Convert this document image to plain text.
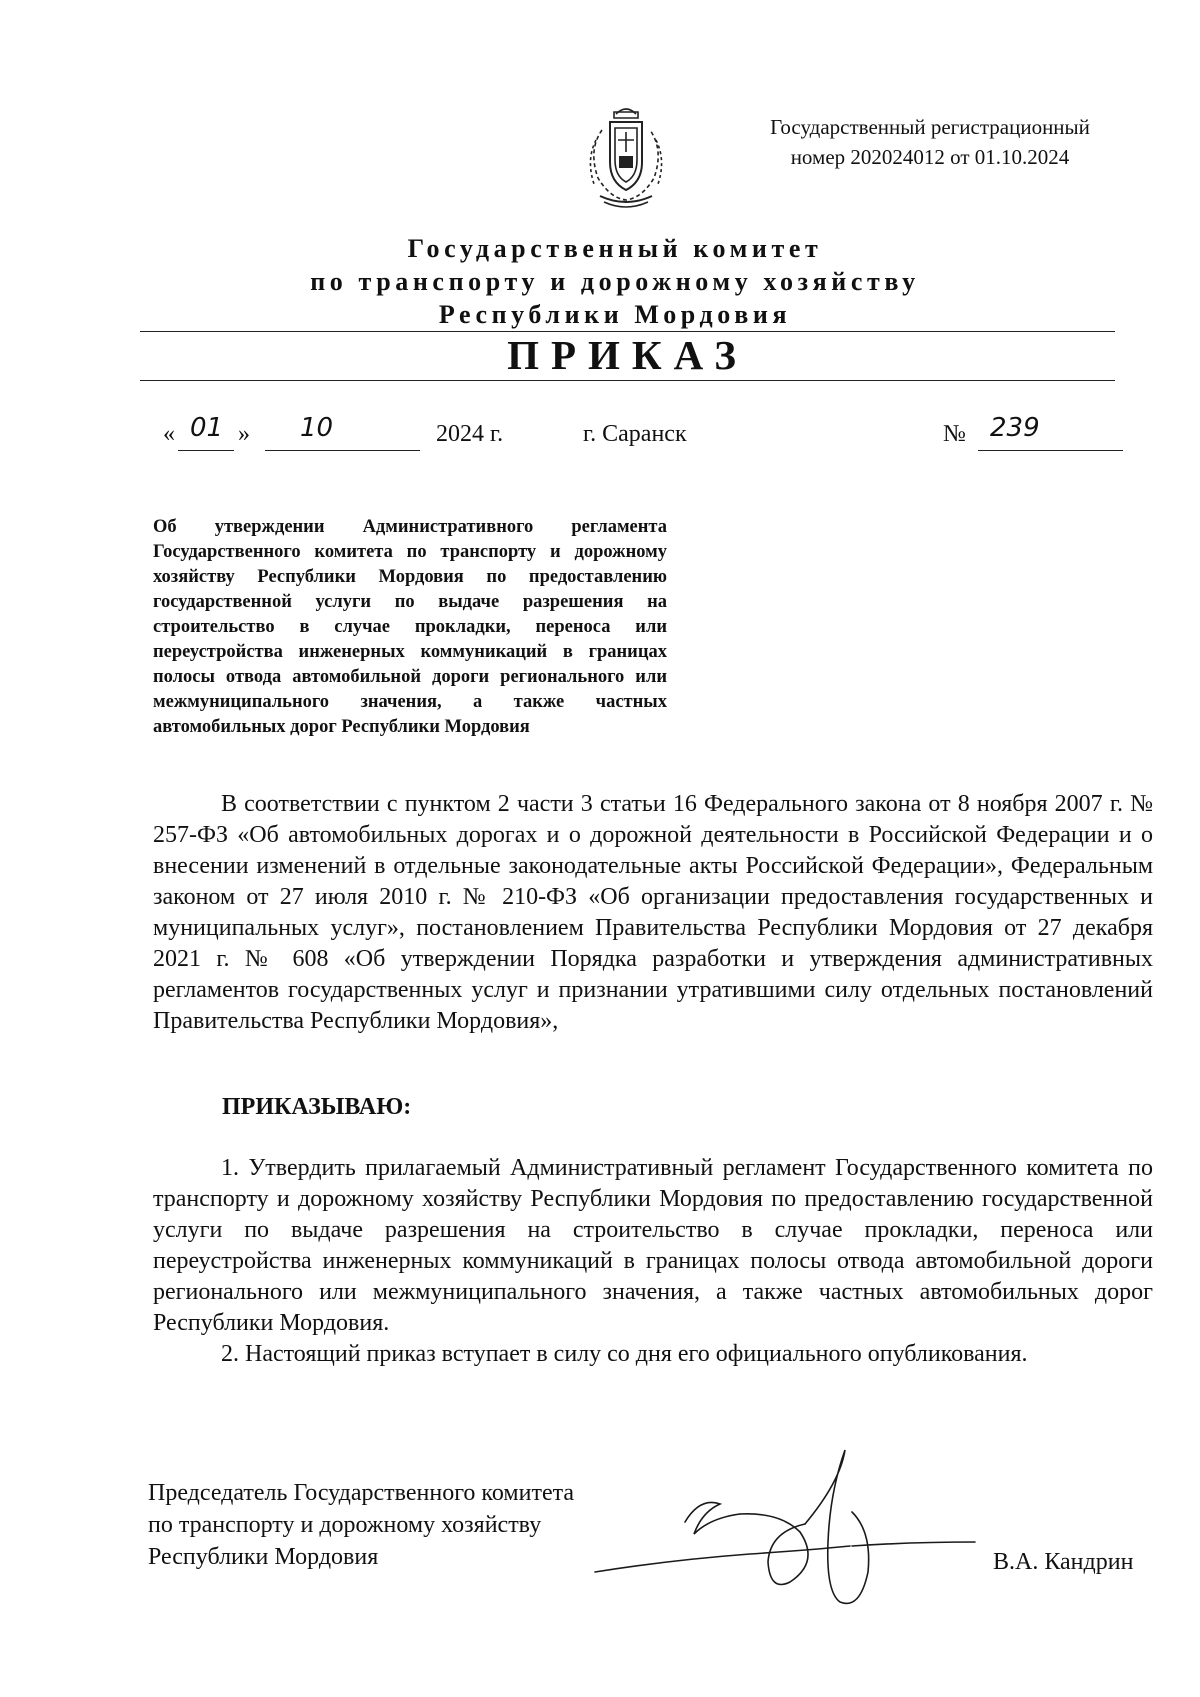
Государственный регистрационный
номер 202024012 от 01.10.2024
Государственный комитет
по транспорту и дорожному хозяйству
Республики Мордовия
ПРИКАЗ
« 01 » 10	2024 г.	г. Саранск	№ 239
Об утверждении Административного регламента Государственного комитета по транспорту и дорожному хозяйству Республики Мордовия по предоставлению государственной услуги по выдаче разрешения на строительство в случае прокладки, переноса или переустройства инженерных коммуникаций в границах полосы отвода автомобильной дороги регионального или межмуниципального значения, а также частных автомобильных дорог Республики Мордовия
В соответствии с пунктом 2 части 3 статьи 16 Федерального закона от 8 ноября 2007 г. № 257-ФЗ «Об автомобильных дорогах и о дорожной деятельности в Российской Федерации и о внесении изменений в отдельные законодательные акты Российской Федерации», Федеральным законом от 27 июля 2010 г. № 210-ФЗ «Об организации предоставления государственных и муниципальных услуг», постановлением Правительства Республики Мордовия от 27 декабря 2021 г. № 608 «Об утверждении Порядка разработки и утверждения административных регламентов государственных услуг и признании утратившими силу отдельных постановлений Правительства Республики Мордовия»,
ПРИКАЗЫВАЮ:
1. Утвердить прилагаемый Административный регламент Государственного комитета по транспорту и дорожному хозяйству Республики Мордовия по предоставлению государственной услуги по выдаче разрешения на строительство в случае прокладки, переноса или переустройства инженерных коммуникаций в границах полосы отвода автомобильной дороги регионального или межмуниципального значения, а также частных автомобильных дорог Республики Мордовия.
2. Настоящий приказ вступает в силу со дня его официального опубликования.
Председатель Государственного комитета
по транспорту и дорожному хозяйству
Республики Мордовия	В.А. Кандрин
